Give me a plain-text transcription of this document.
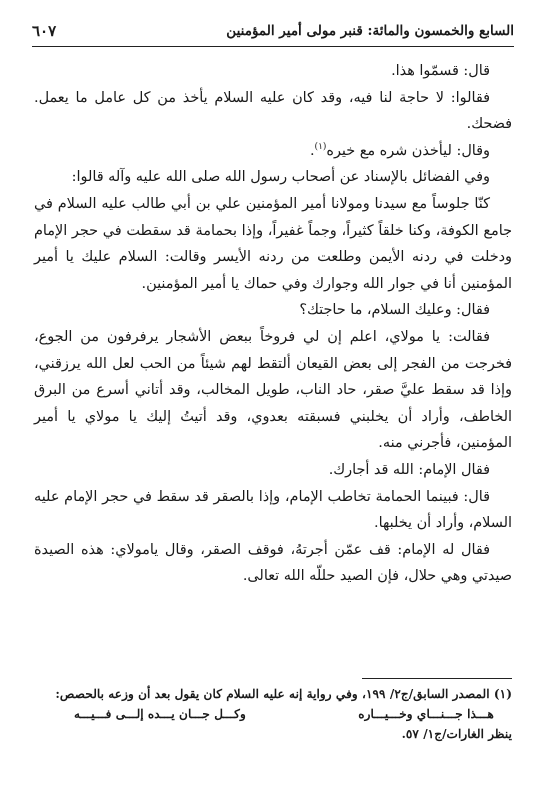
السابع والخمسون والمائة: قنبر مولى أمير المؤمنين
٦٠٧

قال: قسمّوا هذا.

فقالوا: لا حاجة لنا فيه، وقد كان عليه السلام يأخذ من كل عامل ما يعمل. فضحك.

وقال: ليأخذن شره مع خيره$^{(١)}$.

وفي الفضائل بالإسناد عن أصحاب رسول الله صلى الله عليه وآله قالوا:

كنّا جلوساً مع سيدنا ومولانا أمير المؤمنين علي بن أبي طالب عليه السلام في جامع الكوفة، وكنا خلقاً كثيراً، وجماً غفيراً، وإذا بحمامة قد سقطت في حجر الإمام ودخلت في ردنه الأيمن وطلعت من ردنه الأيسر وقالت: السلام عليك يا أمير المؤمنين أنا في جوار الله وجوارك وفي حماك يا أمير المؤمنين.

فقال: وعليك السلام، ما حاجتك؟

فقالت: يا مولاي، اعلم إن لي فروخاً ببعض الأشجار يرفرفون من الجوع، فخرجت من الفجر إلى بعض القيعان ألتقط لهم شيئاً من الحب لعل الله يرزقني، وإذا قد سقط عليَّ صقر، حاد الناب، طويل المخالب، وقد أتاني أسرع من البرق الخاطف، وأراد أن يخلبني فسبقته بعدوي، وقد أتيتُ إليك يا مولاي يا أمير المؤمنين، فأجرني منه.

فقال الإمام: الله قد أجارك.

قال: فبينما الحمامة تخاطب الإمام، وإذا بالصقر قد سقط في حجر الإمام عليه السلام، وأراد أن يخلبها.

فقال له الإمام: قف عمّن أجرتهُ، فوقف الصقر، وقال يامولاي: هذه الصيدة صيدتي وهي حلال، فإن الصيد حللّه الله تعالى.

(١) المصدر السابق/ج٢/ ١٩٩، وفي رواية إنه عليه السلام كان يقول بعد أن وزعه بالحصص:

هـــذا جـــنـــاي وخـــيـــاره
وكـــل جـــان يـــده إلـــى فـــيـــه

ينظر الغارات/ج١/ ٥٧.
